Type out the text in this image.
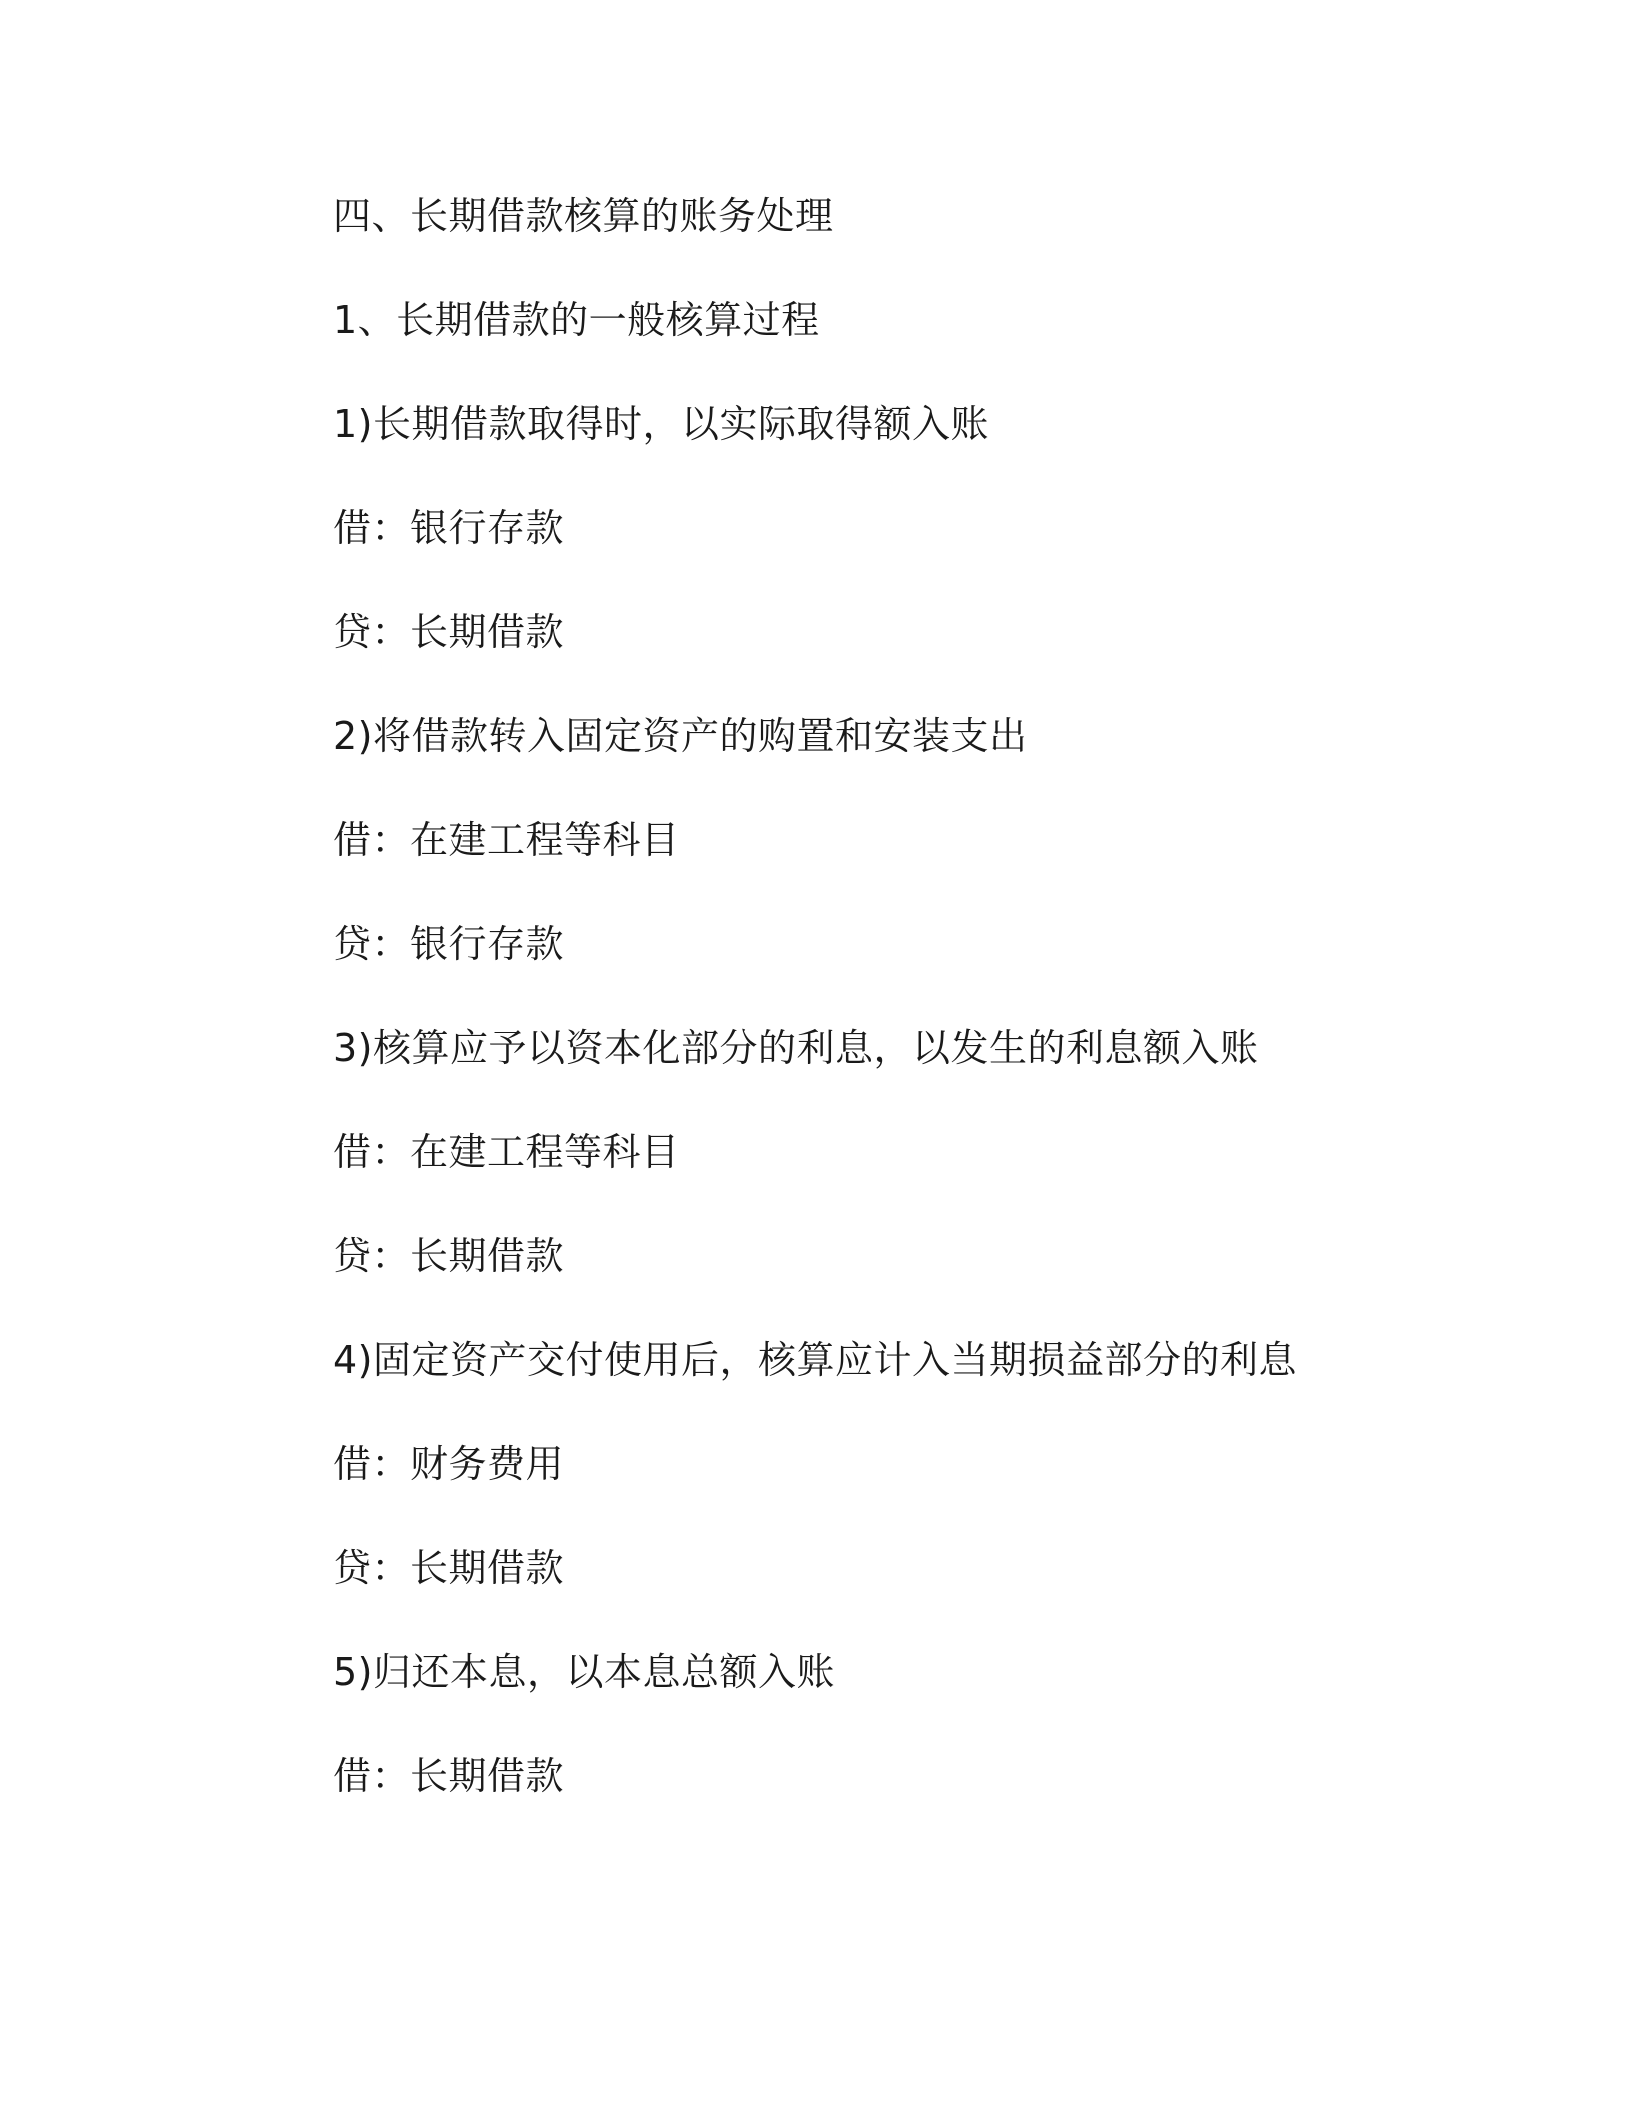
四、长期借款核算的账务处理
1、长期借款的一般核算过程
1)长期借款取得时，以实际取得额入账
借：银行存款
贷：长期借款
2)将借款转入固定资产的购置和安装支出
借：在建工程等科目
贷：银行存款
3)核算应予以资本化部分的利息，以发生的利息额入账
借：在建工程等科目
贷：长期借款
4)固定资产交付使用后，核算应计入当期损益部分的利息
借：财务费用
贷：长期借款
5)归还本息，以本息总额入账
借：长期借款
